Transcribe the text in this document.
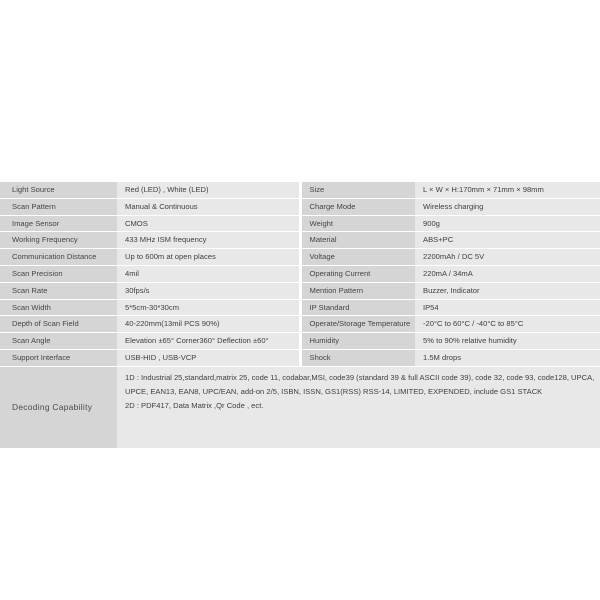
Light Source	Red (LED) , White (LED)	Size	L × W × H:170mm × 71mm × 98mm
Scan Pattern	Manual & Continuous	Charge Mode	Wireless charging
Image Sensor	CMOS	Weight	900g
Working Frequency	433 MHz ISM frequency	Material	ABS+PC
Communication Distance	Up to 600m at open places	Voltage	2200mAh / DC 5V
Scan Precision	4mil	Operating Current	220mA / 34mA
Scan Rate	30fps/s	Mention Pattern	Buzzer, Indicator
Scan Width	5*5cm-30*30cm	IP Standard	IP54
Depth of Scan Field	40-220mm(13mil PCS 90%)	Operate/Storage Temperature	-20°C to 60°C / -40°C to 85°C
Scan Angle	Elevation ±65° Corner360° Deflection ±60°	Humidity	5% to 90% relative humidity
Support Interface	USB-HID , USB-VCP	Shock	1.5M drops
Decoding Capability	1D : Industrial 25,standard,matrix 25, code 11, codabar,MSI, code39 (standard 39 & full ASCII code 39), code 32, code 93, code128, UPCA, UPCE, EAN13, EAN8, UPC/EAN, add-on 2/5, ISBN, ISSN, GS1(RSS) RSS-14, LIMITED, EXPENDED, include GS1 STACK
2D : PDF417, Data Matrix ,Qr Code , ect.		
